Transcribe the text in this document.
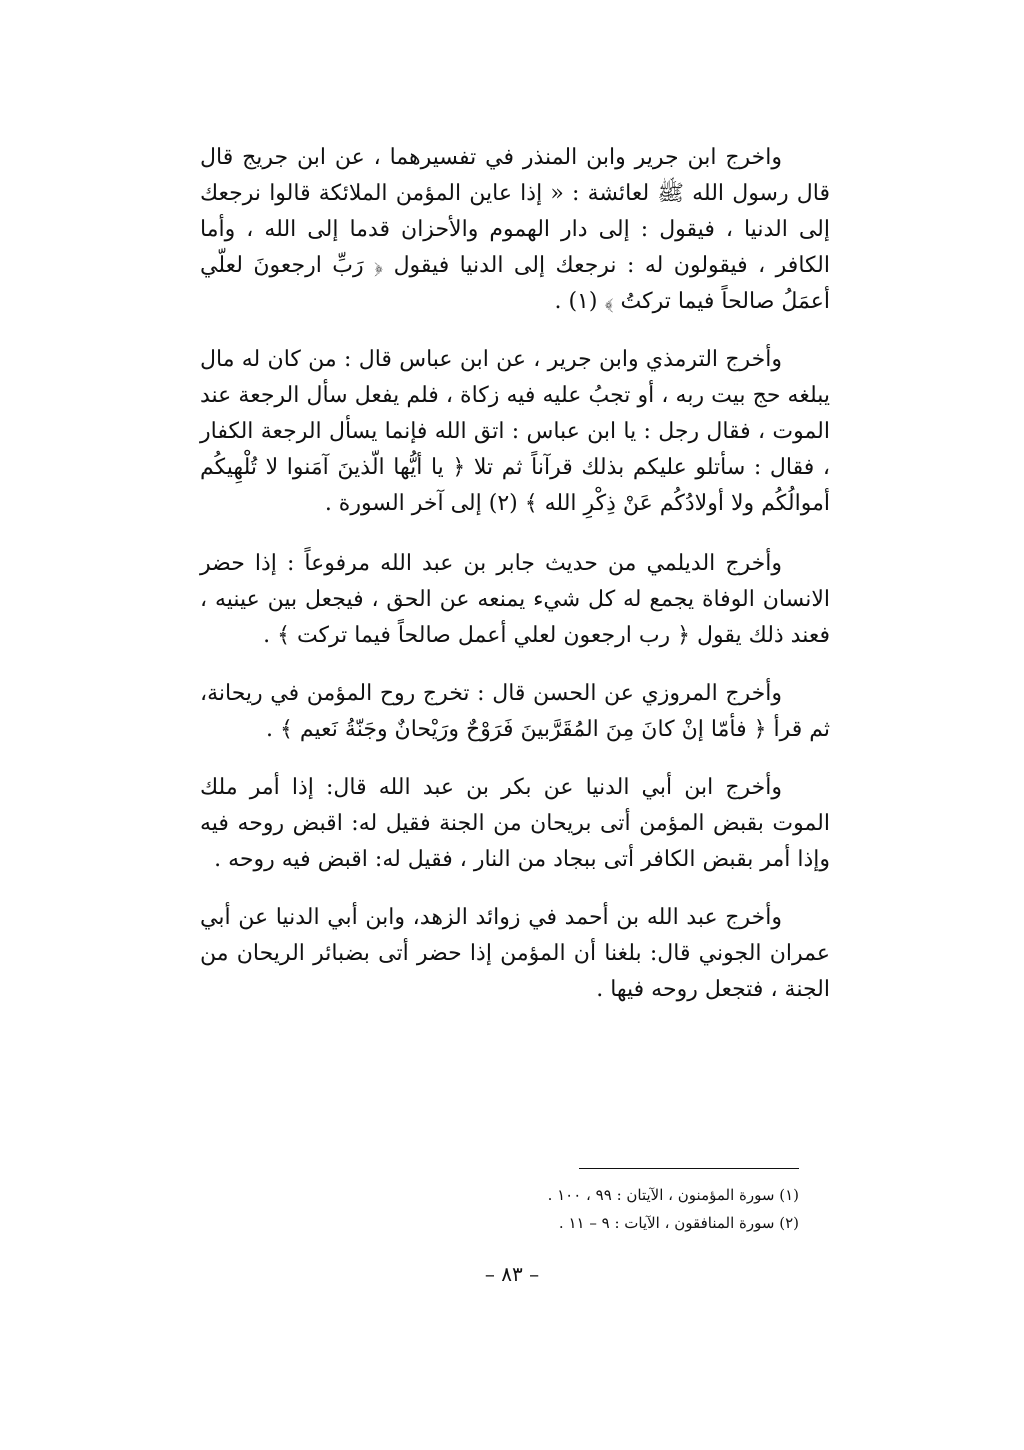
واخرج ابن جرير وابن المنذر في تفسيرهما ، عن ابن جريج قال قال رسول الله ﷺ لعائشة : « إذا عاين المؤمن الملائكة قالوا نرجعك إلى الدنيا ، فيقول : إلى دار الهموم والأحزان قدما إلى الله ، وأما الكافر ، فيقولون له : نرجعك إلى الدنيا فيقول ﴿ رَبِّ ارجعونَ لعلّي أعمَلُ صالحاً فيما تركتُ ﴾ (١) .

وأخرج الترمذي وابن جرير ، عن ابن عباس قال : من كان له مال يبلغه حج بيت ربه ، أو تجبُ عليه فيه زكاة ، فلم يفعل سأل الرجعة عند الموت ، فقال رجل : يا ابن عباس : اتق الله فإنما يسأل الرجعة الكفار ، فقال : سأتلو عليكم بذلك قرآناً ثم تلا ﴿ يا أيُّها الّذينَ آمَنوا لا تُلْهِيكُم أموالُكُم ولا أولادُكُم عَنْ ذِكْرِ الله ﴾ (٢) إلى آخر السورة .

وأخرج الديلمي من حديث جابر بن عبد الله مرفوعاً : إذا حضر الانسان الوفاة يجمع له كل شيء يمنعه عن الحق ، فيجعل بين عينيه ، فعند ذلك يقول ﴿ رب ارجعون لعلي أعمل صالحاً فيما تركت ﴾ .

وأخرج المروزي عن الحسن قال : تخرج روح المؤمن في ريحانة، ثم قرأ ﴿ فأمّا إنْ كانَ مِنَ المُقَرَّبينَ فَرَوْحٌ ورَيْحانٌ وجَنّةُ نَعيم ﴾ .

وأخرج ابن أبي الدنيا عن بكر بن عبد الله قال: إذا أمر ملك الموت بقبض المؤمن أتى بريحان من الجنة فقيل له: اقبض روحه فيه وإذا أمر بقبض الكافر أتى ببجاد من النار ، فقيل له: اقبض فيه روحه .

وأخرج عبد الله بن أحمد في زوائد الزهد، وابن أبي الدنيا عن أبي عمران الجوني قال: بلغنا أن المؤمن إذا حضر أتى بضبائر الريحان من الجنة ، فتجعل روحه فيها .

(١) سورة المؤمنون ، الآيتان : ٩٩ ، ١٠٠ .
(٢) سورة المنافقون ، الآيات : ٩ – ١١ .
– ٨٣ –
